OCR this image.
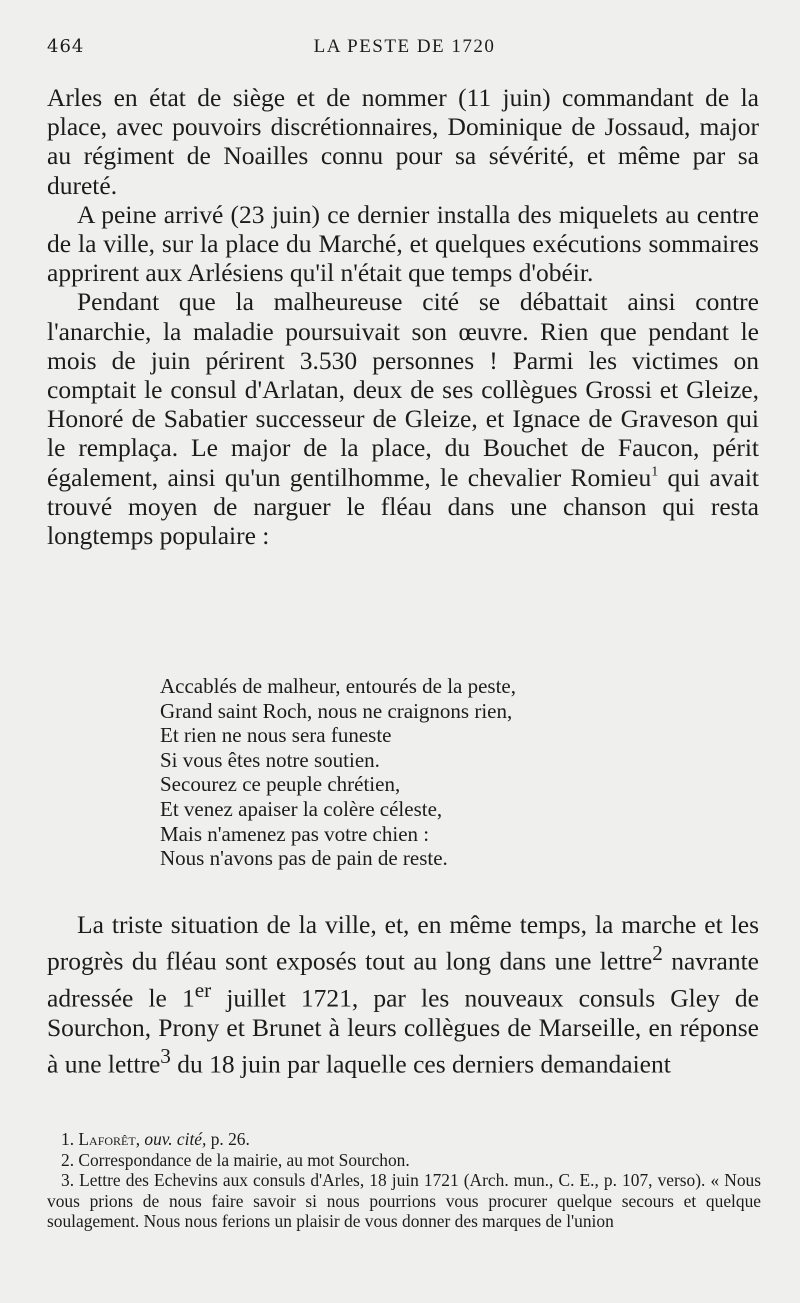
464	LA PESTE DE 1720

Arles en état de siège et de nommer (11 juin) commandant de la place, avec pouvoirs discrétionnaires, Dominique de Jossaud, major au régiment de Noailles connu pour sa sévérité, et même par sa dureté.

A peine arrivé (23 juin) ce dernier installa des miquelets au centre de la ville, sur la place du Marché, et quelques exécutions sommaires apprirent aux Arlésiens qu'il n'était que temps d'obéir.

Pendant que la malheureuse cité se débattait ainsi contre l'anarchie, la maladie poursuivait son œuvre. Rien que pendant le mois de juin périrent 3.530 personnes ! Parmi les victimes on comptait le consul d'Arlatan, deux de ses collègues Grossi et Gleize, Honoré de Sabatier successeur de Gleize, et Ignace de Graveson qui le remplaça. Le major de la place, du Bouchet de Faucon, périt également, ainsi qu'un gentilhomme, le chevalier Romieu$^1$ qui avait trouvé moyen de narguer le fléau dans une chanson qui resta longtemps populaire :

Accablés de malheur, entourés de la peste,
Grand saint Roch, nous ne craignons rien,
Et rien ne nous sera funeste
Si vous êtes notre soutien.
Secourez ce peuple chrétien,
Et venez apaiser la colère céleste,
Mais n'amenez pas votre chien :
Nous n'avons pas de pain de reste.

La triste situation de la ville, et, en même temps, la marche et les progrès du fléau sont exposés tout au long dans une lettre$^2$ navrante adressée le 1er juillet 1721, par les nouveaux consuls Gley de Sourchon, Prony et Brunet à leurs collègues de Marseille, en réponse à une lettre$^3$ du 18 juin par laquelle ces derniers demandaient

1. Laforêt, ouv. cité, p. 26.

2. Correspondance de la mairie, au mot Sourchon.

3. Lettre des Echevins aux consuls d'Arles, 18 juin 1721 (Arch. mun., C. E., p. 107, verso). « Nous vous prions de nous faire savoir si nous pourrions vous procurer quelque secours et quelque soulagement. Nous nous ferions un plaisir de vous donner des marques de l'union
